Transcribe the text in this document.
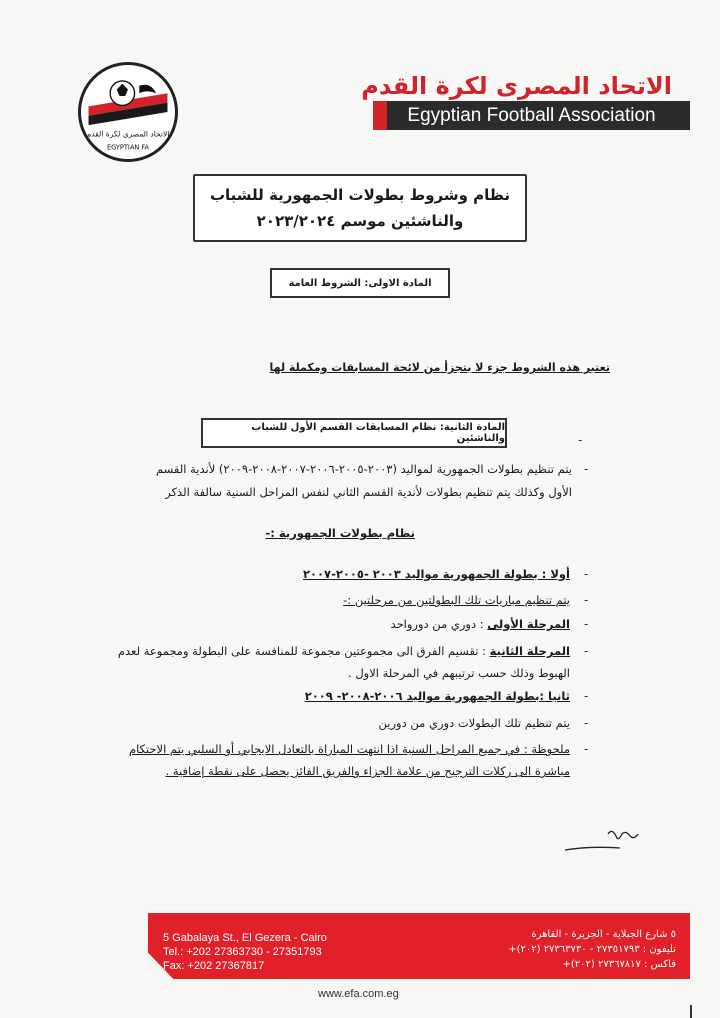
الاتحاد المصرى لكرة القدم
EGYPTIAN FA
الاتحاد المصرى لكرة القدم
Egyptian Football Association
نظام وشروط بطولات الجمهورية للشباب
والناشئين موسم ٢٠٢٣/٢٠٢٤
المادة الاولى: الشروط العامة
تعتبر هذه الشروط جزء لا يتجزأ من لائحة المسابقات ومكملة لها
المادة الثانية: نظام المسابقات القسم الأول للشباب والناشئين	-
-
يتم تنظيم بطولات الجمهورية لمواليد (٢٠٠٣-٢٠٠٥-٢٠٠٦-٢٠٠٧-٢٠٠٨-٢٠٠٩) لأندية القسم
الأول وكذلك يتم تنظيم بطولات لأندية القسم الثاني لنفس المراحل السنية سالفة الذكر
نظام بطولات الجمهورية :-
-
أولا : بطولة الجمهورية مواليد ٢٠٠٣ -٢٠٠٥-٢٠٠٧
-
يتم تنظيم مباريات تلك البطولتين من مرحلتين :-
-
المرحلة الأولى : دوري من دورواحد
-
المرحلة الثانية : تقسيم الفرق الى مجموعتين مجموعة للمنافسة على البطولة ومجموعة لعدم
الهبوط وذلك حسب ترتيبهم في المرحلة الاول .
-
ثانيا :بطولة الجمهورية مواليد ٢٠٠٦-٢٠٠٨- ٢٠٠٩
-
يتم تنظيم تلك البطولات دوري من دورين
-
ملحوظة : في جميع المراحل السنية اذا انتهت المباراة بالتعادل الايجابي أو السلبي يتم الاحتكام
مباشرة الى ركلات الترجيح من علامة الجزاء والفريق الفائز يحصل على نقطة إضافية .
5 Gabalaya St., El Gezera - Cairo
Tel.: +202 27363730 - 27351793
Fax: +202 27367817
٥ شارع الجبلاية - الجزيرة - القاهرة
تليفون : ٢٧٣٥١٧٩٣ - ٢٧٣٦٣٧٣٠ (٢٠٢)+
فاكس : ٢٧٣٦٧٨١٧ (٢٠٢)+
www.efa.com.eg
